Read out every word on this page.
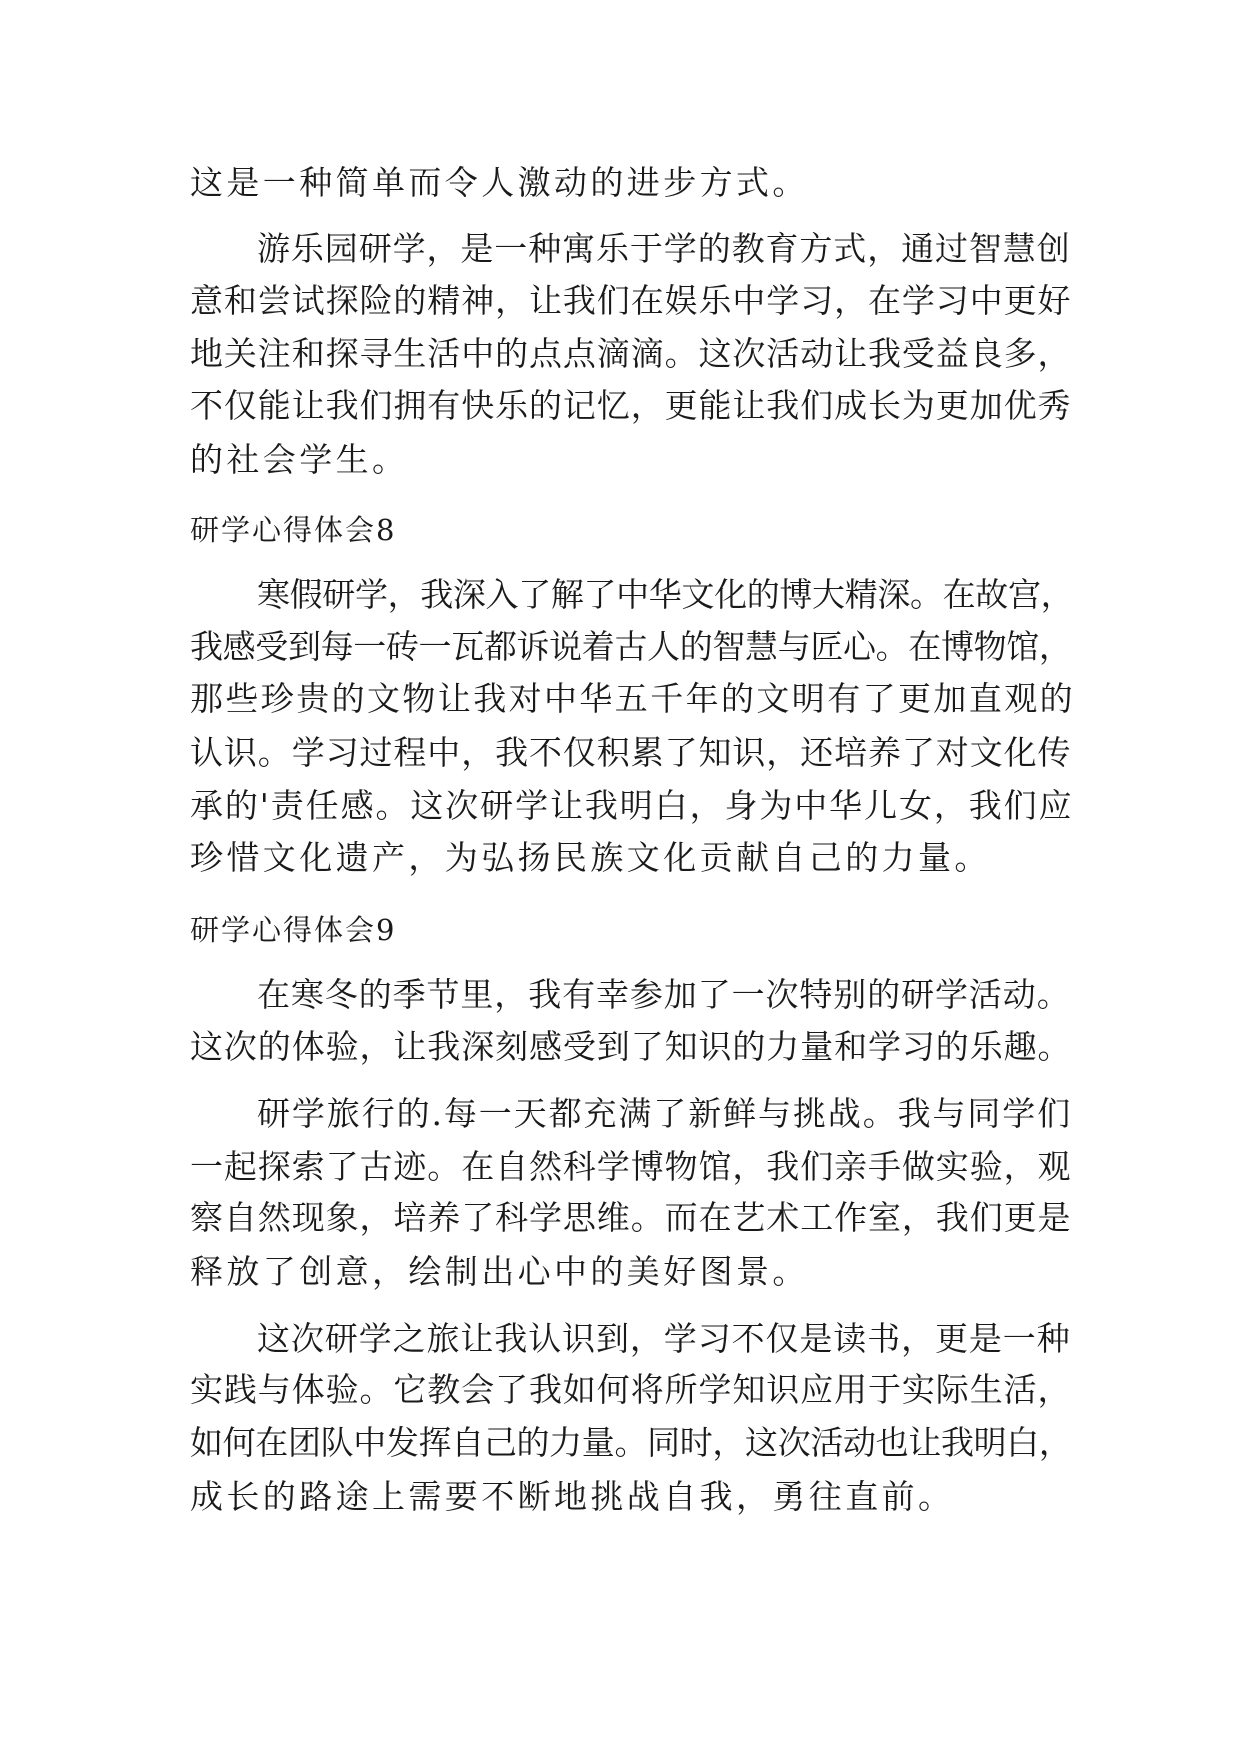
这是一种简单而令人激动的进步方式。

游乐园研学，是一种寓乐于学的教育方式，通过智慧创

意和尝试探险的精神，让我们在娱乐中学习，在学习中更好

地关注和探寻生活中的点点滴滴。这次活动让我受益良多，

不仅能让我们拥有快乐的记忆，更能让我们成长为更加优秀

的社会学生。

研学心得体会8

寒假研学，我深入了解了中华文化的博大精深。在故宫，

我感受到每一砖一瓦都诉说着古人的智慧与匠心。在博物馆，

那些珍贵的文物让我对中华五千年的文明有了更加直观的

认识。学习过程中，我不仅积累了知识，还培养了对文化传

承的'责任感。这次研学让我明白，身为中华儿女，我们应

珍惜文化遗产，为弘扬民族文化贡献自己的力量。

研学心得体会9

在寒冬的季节里，我有幸参加了一次特别的研学活动。

这次的体验，让我深刻感受到了知识的力量和学习的乐趣。

研学旅行的.每一天都充满了新鲜与挑战。我与同学们

一起探索了古迹。在自然科学博物馆，我们亲手做实验，观

察自然现象，培养了科学思维。而在艺术工作室，我们更是

释放了创意，绘制出心中的美好图景。

这次研学之旅让我认识到，学习不仅是读书，更是一种

实践与体验。它教会了我如何将所学知识应用于实际生活，

如何在团队中发挥自己的力量。同时，这次活动也让我明白，

成长的路途上需要不断地挑战自我，勇往直前。
